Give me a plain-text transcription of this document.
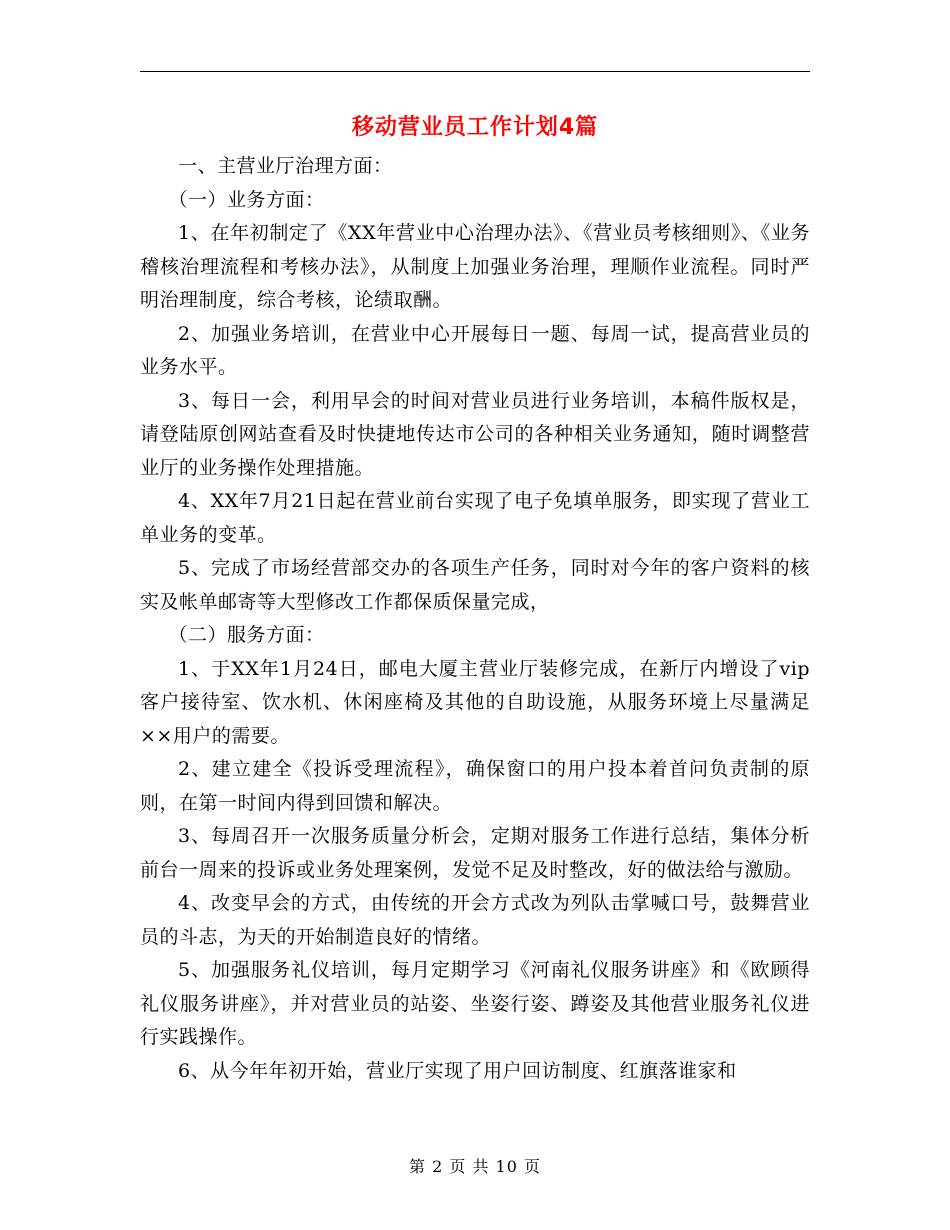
移动营业员工作计划4篇

一、主营业厅治理方面：

（一）业务方面：

1、在年初制定了《XX年营业中心治理办法》、《营业员考核细则》、《业务稽核治理流程和考核办法》，从制度上加强业务治理，理顺作业流程。同时严明治理制度，综合考核，论绩取酬。

2、加强业务培训，在营业中心开展每日一题、每周一试，提高营业员的业务水平。

3、每日一会，利用早会的时间对营业员进行业务培训，本稿件版权是，请登陆原创网站查看及时快捷地传达市公司的各种相关业务通知，随时调整营业厅的业务操作处理措施。

4、XX年7月21日起在营业前台实现了电子免填单服务，即实现了营业工单业务的变革。

5、完成了市场经营部交办的各项生产任务，同时对今年的客户资料的核实及帐单邮寄等大型修改工作都保质保量完成，

（二）服务方面：

1、于XX年1月24日，邮电大厦主营业厅装修完成，在新厅内增设了vip客户接待室、饮水机、休闲座椅及其他的自助设施，从服务环境上尽量满足××用户的需要。

2、建立建全《投诉受理流程》，确保窗口的用户投本着首问负责制的原则，在第一时间内得到回馈和解决。

3、每周召开一次服务质量分析会，定期对服务工作进行总结，集体分析前台一周来的投诉或业务处理案例，发觉不足及时整改，好的做法给与激励。

4、改变早会的方式，由传统的开会方式改为列队击掌喊口号，鼓舞营业员的斗志，为天的开始制造良好的情绪。

5、加强服务礼仪培训，每月定期学习《河南礼仪服务讲座》和《欧顾得礼仪服务讲座》，并对营业员的站姿、坐姿行姿、蹲姿及其他营业服务礼仪进行实践操作。

6、从今年年初开始，营业厅实现了用户回访制度、红旗落谁家和

第 2 页 共 10 页
